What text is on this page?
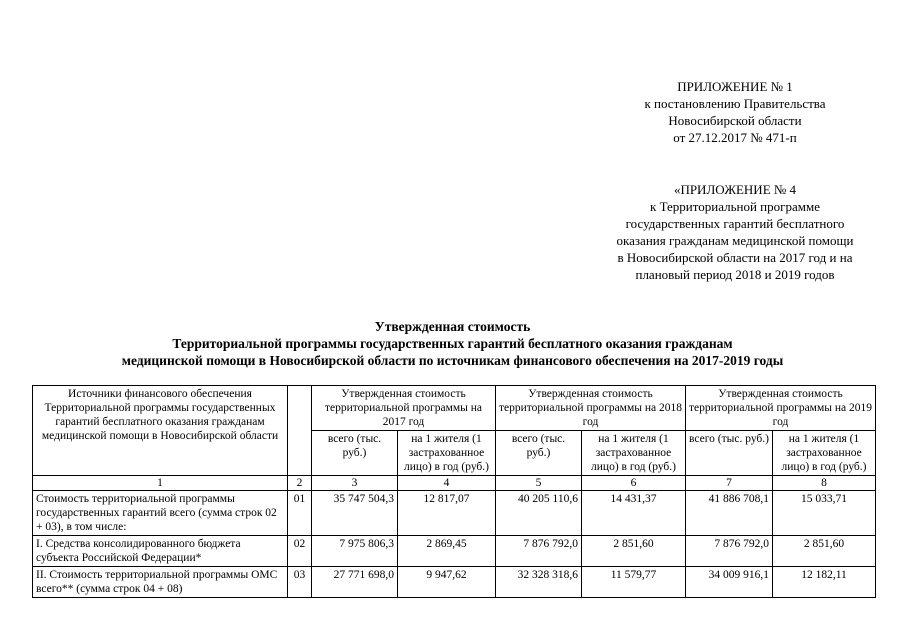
ПРИЛОЖЕНИЕ № 1
к постановлению Правительства
Новосибирской области
от 27.12.2017 № 471-п
«ПРИЛОЖЕНИЕ № 4
к Территориальной программе
государственных гарантий бесплатного
оказания гражданам медицинской помощи
в Новосибирской области на 2017 год и на
плановый период 2018 и 2019 годов
Утвержденная стоимость
Территориальной программы государственных гарантий бесплатного оказания гражданам
медицинской помощи в Новосибирской области по источникам финансового обеспечения на 2017-2019 годы
Источники финансового обеспечения Территориальной программы государственных гарантий бесплатного оказания гражданам медицинской помощи в Новосибирской области		Утвержденная стоимость территориальной программы на 2017 год		Утвержденная стоимость территориальной программы на 2018 год		Утвержденная стоимость территориальной программы на 2019 год	
		всего (тыс. руб.)	на 1 жителя (1 застрахованное лицо) в год (руб.)	всего (тыс. руб.)	на 1 жителя (1 застрахованное лицо) в год (руб.)	всего (тыс. руб.)	на 1 жителя (1 застрахованное лицо) в год (руб.)
1	2	3	4	5	6	7	8
Стоимость территориальной программы государственных гарантий всего (сумма строк 02 + 03), в том числе:	01	35 747 504,3	12 817,07	40 205 110,6	14 431,37	41 886 708,1	15 033,71
I. Средства консолидированного бюджета субъекта Российской Федерации*	02	7 975 806,3	2 869,45	7 876 792,0	2 851,60	7 876 792,0	2 851,60
II. Стоимость территориальной программы ОМС всего** (сумма строк 04 + 08)	03	27 771 698,0	9 947,62	32 328 318,6	11 579,77	34 009 916,1	12 182,11
